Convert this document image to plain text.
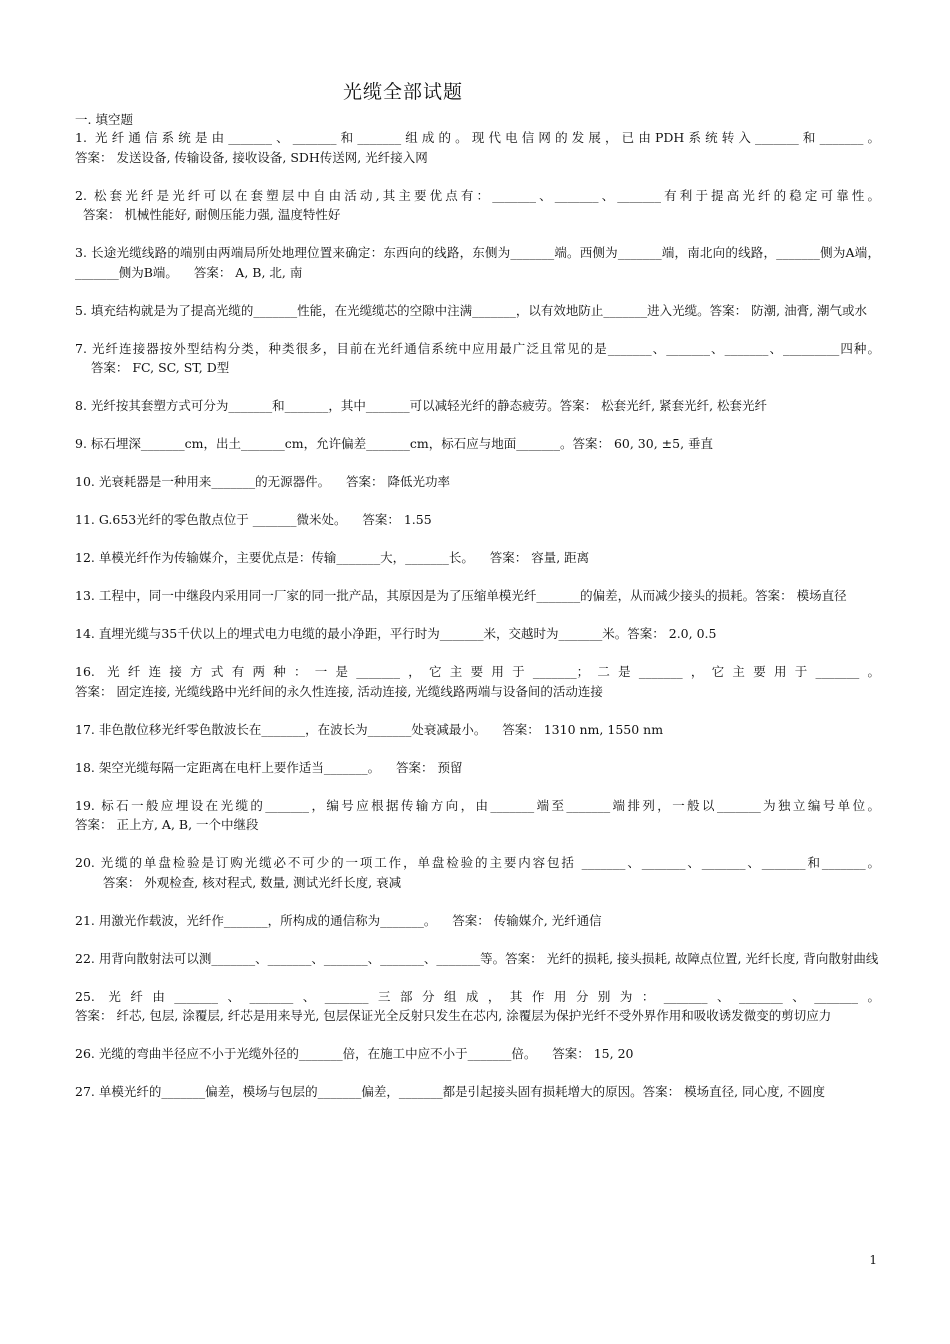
光缆全部试题
一. 填空题

1. 光纤通信系统是由_______、_______和_______组成的。现代电信网的发展，已由PDH系统转入_______和_______。答案： 发送设备, 传输设备, 接收设备, SDH传送网, 光纤接入网

2. 松套光纤是光纤可以在套塑层中自由活动,其主要优点有：_______、_______、_______有利于提高光纤的稳定可靠性。  答案： 机械性能好, 耐侧压能力强, 温度特性好

3. 长途光缆线路的端别由两端局所处地理位置来确定：东西向的线路，东侧为_______端。西侧为_______端，南北向的线路，_______侧为A端，_______侧为B端。    答案： A, B, 北, 南

5. 填充结构就是为了提高光缆的_______性能，在光缆缆芯的空隙中注满_______，以有效地防止_______进入光缆。答案： 防潮, 油膏, 潮气或水

7. 光纤连接器按外型结构分类，种类很多，目前在光纤通信系统中应用最广泛且常见的是_______、_______、_______、_________四种。    答案： FC, SC, ST, D型

8. 光纤按其套塑方式可分为_______和_______，其中_______可以减轻光纤的静态疲劳。答案： 松套光纤, 紧套光纤, 松套光纤

9. 标石埋深_______cm，出土_______cm，允许偏差_______cm，标石应与地面_______。答案： 60, 30, ±5, 垂直

10. 光衰耗器是一种用来_______的无源器件。    答案： 降低光功率

11. G.653光纤的零色散点位于 _______微米处。    答案： 1.55

12. 单模光纤作为传输媒介，主要优点是：传输_______大，_______长。    答案： 容量, 距离

13. 工程中，同一中继段内采用同一厂家的同一批产品，其原因是为了压缩单模光纤_______的偏差，从而减少接头的损耗。答案： 模场直径

14. 直埋光缆与35千伏以上的埋式电力电缆的最小净距，平行时为_______米，交越时为_______米。答案： 2.0, 0.5

16. 光纤连接方式有两种：一是_______，它主要用于_______；二是_______，它主要用于_______。答案： 固定连接, 光缆线路中光纤间的永久性连接, 活动连接, 光缆线路两端与设备间的活动连接

17. 非色散位移光纤零色散波长在_______，在波长为_______处衰减最小。    答案： 1310 nm, 1550 nm

18. 架空光缆每隔一定距离在电杆上要作适当_______。    答案： 预留

19. 标石一般应埋设在光缆的_______，编号应根据传输方向，由_______端至_______端排列，一般以_______为独立编号单位。答案： 正上方, A, B, 一个中继段

20. 光缆的单盘检验是订购光缆必不可少的一项工作，单盘检验的主要内容包括 _______、_______、_______、_______和_______。       答案： 外观检查, 核对程式, 数量, 测试光纤长度, 衰减

21. 用激光作载波，光纤作_______，所构成的通信称为_______。    答案： 传输媒介, 光纤通信

22. 用背向散射法可以测_______、_______、_______、_______、_______等。答案： 光纤的损耗, 接头损耗, 故障点位置, 光纤长度, 背向散射曲线

25. 光纤由_______、_______、_______三部分组成，其作用分别为：_______、_______、_______。答案： 纤芯, 包层, 涂覆层, 纤芯是用来导光, 包层保证光全反射只发生在芯内, 涂覆层为保护光纤不受外界作用和吸收诱发微变的剪切应力

26. 光缆的弯曲半径应不小于光缆外径的_______倍，在施工中应不小于_______倍。    答案： 15, 20

27. 单模光纤的_______偏差，模场与包层的_______偏差，_______都是引起接头固有损耗增大的原因。答案： 模场直径, 同心度, 不圆度

1
